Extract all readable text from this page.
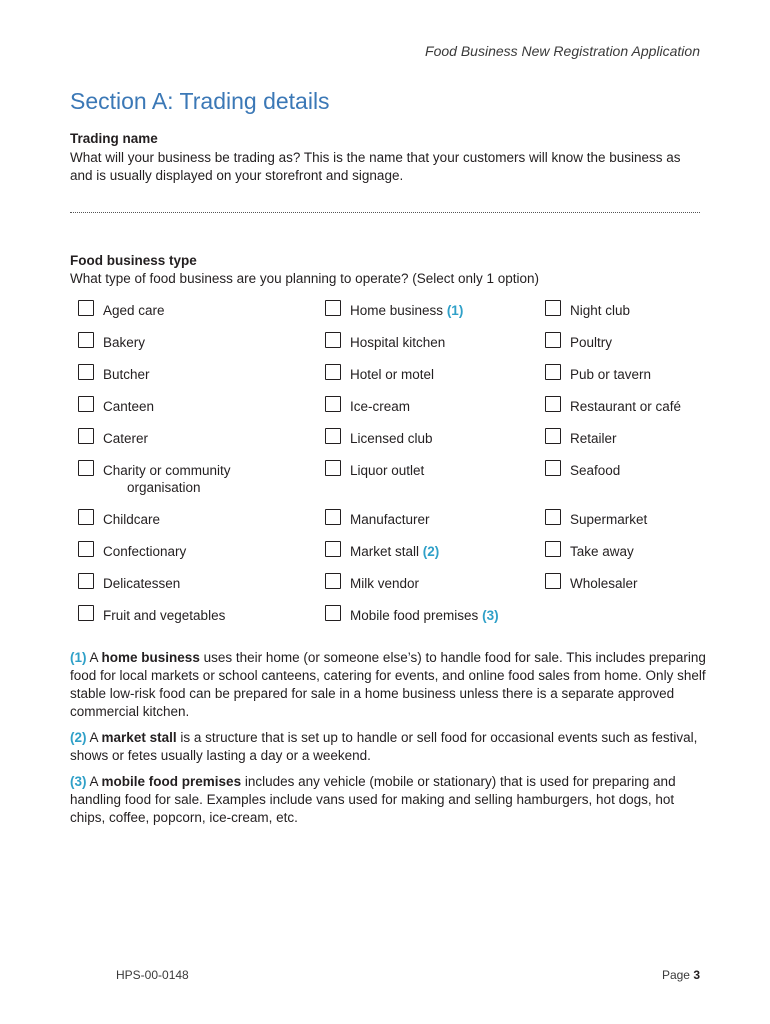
Food Business New Registration Application
Section A: Trading details
Trading name
What will your business be trading as? This is the name that your customers will know the business as and is usually displayed on your storefront and signage.
Food business type
What type of food business are you planning to operate? (Select only 1 option)
Aged care
Bakery
Butcher
Canteen
Caterer
Charity or community
organisation
Childcare
Confectionary
Delicatessen
Fruit and vegetables
Home business (1)
Hospital kitchen
Hotel or motel
Ice-cream
Licensed club
Liquor outlet
Manufacturer
Market stall (2)
Milk vendor
Mobile food premises (3)
Night club
Poultry
Pub or tavern
Restaurant or café
Retailer
Seafood
Supermarket
Take away
Wholesaler
(1) A home business uses their home (or someone else’s) to handle food for sale. This includes preparing food for local markets or school canteens, catering for events, and online food sales from home. Only shelf stable low-risk food can be prepared for sale in a home business unless there is a separate approved commercial kitchen.
(2) A market stall is a structure that is set up to handle or sell food for occasional events such as festival, shows or fetes usually lasting a day or a weekend.
(3) A mobile food premises includes any vehicle (mobile or stationary) that is used for preparing and handling food for sale. Examples include vans used for making and selling hamburgers, hot dogs, hot chips, coffee, popcorn, ice-cream, etc.
HPS-00-0148	Page 3
